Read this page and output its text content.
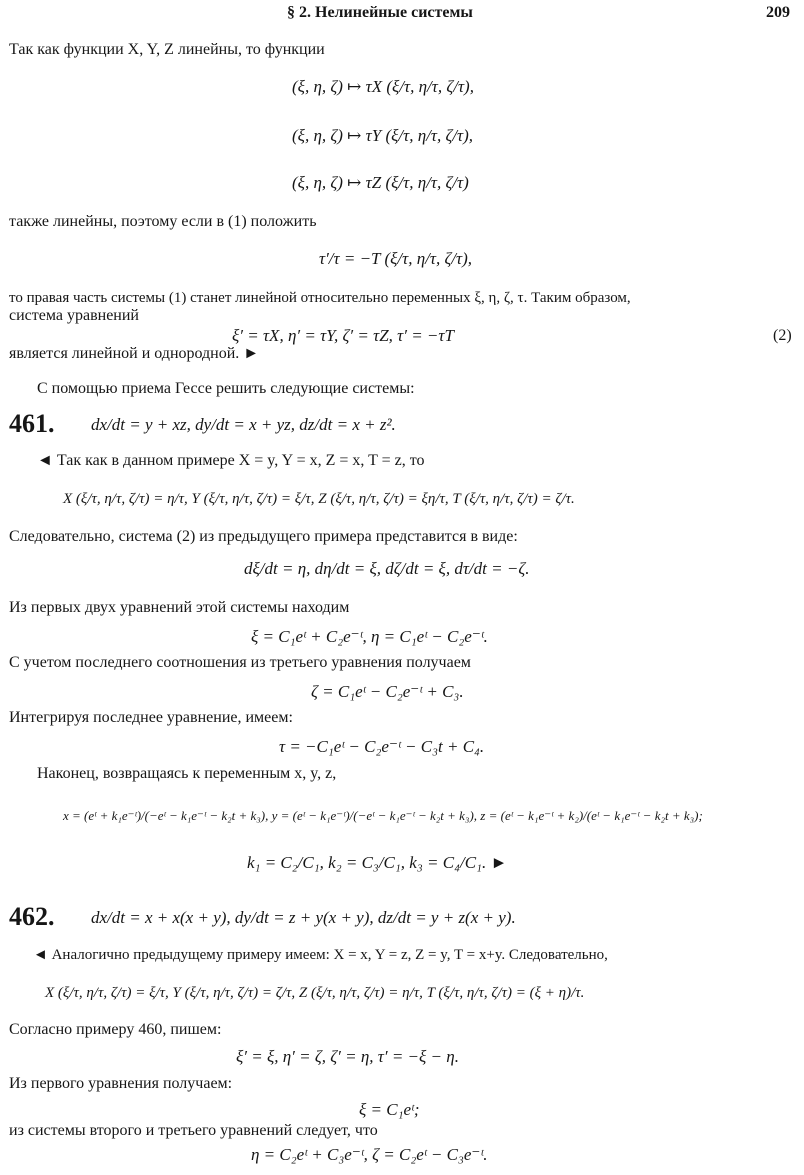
§ 2. Нелинейные системы	209
Так как функции X, Y, Z линейны, то функции
(ξ, η, ζ) ↦ τX (ξ/τ, η/τ, ζ/τ),
(ξ, η, ζ) ↦ τY (ξ/τ, η/τ, ζ/τ),
(ξ, η, ζ) ↦ τZ (ξ/τ, η/τ, ζ/τ)
также линейны, поэтому если в (1) положить
τ′/τ = −T (ξ/τ, η/τ, ζ/τ),
то правая часть системы (1) станет линейной относительно переменных ξ, η, ζ, τ. Таким образом,
система уравнений
ξ′ = τX, η′ = τY, ζ′ = τZ, τ′ = −τT	(2)
является линейной и однородной. ►
С помощью приема Гессе решить следующие системы:
461. dx/dt = y + xz, dy/dt = x + yz, dz/dt = x + z².
◄ Так как в данном примере X = y, Y = x, Z = x, T = z, то
X (ξ/τ, η/τ, ζ/τ) = η/τ, Y (ξ/τ, η/τ, ζ/τ) = ξ/τ, Z (ξ/τ, η/τ, ζ/τ) = ξη/τ, T (ξ/τ, η/τ, ζ/τ) = ζ/τ.
Следовательно, система (2) из предыдущего примера представится в виде:
dξ/dt = η, dη/dt = ξ, dζ/dt = ξ, dτ/dt = −ζ.
Из первых двух уравнений этой системы находим
ξ = C₁eᵗ + C₂e⁻ᵗ, η = C₁eᵗ − C₂e⁻ᵗ.
С учетом последнего соотношения из третьего уравнения получаем
ζ = C₁eᵗ − C₂e⁻ᵗ + C₃.
Интегрируя последнее уравнение, имеем:
τ = −C₁eᵗ − C₂e⁻ᵗ − C₃t + C₄.
Наконец, возвращаясь к переменным x, y, z,
x = (eᵗ + k₁e⁻ᵗ)/(−eᵗ − k₁e⁻ᵗ − k₂t + k₃), y = (eᵗ − k₁e⁻ᵗ)/(−eᵗ − k₁e⁻ᵗ − k₂t + k₃), z = (eᵗ − k₁e⁻ᵗ + k₂)/(eᵗ − k₁e⁻ᵗ − k₂t + k₃);
k₁ = C₂/C₁, k₂ = C₃/C₁, k₃ = C₄/C₁. ►
462. dx/dt = x + x(x + y), dy/dt = z + y(x + y), dz/dt = y + z(x + y).
◄ Аналогично предыдущему примеру имеем: X = x, Y = z, Z = y, T = x+y. Следовательно,
X (ξ/τ, η/τ, ζ/τ) = ξ/τ, Y (ξ/τ, η/τ, ζ/τ) = ζ/τ, Z (ξ/τ, η/τ, ζ/τ) = η/τ, T (ξ/τ, η/τ, ζ/τ) = (ξ + η)/τ.
Согласно примеру 460, пишем:
ξ′ = ξ, η′ = ζ, ζ′ = η, τ′ = −ξ − η.
Из первого уравнения получаем:
ξ = C₁eᵗ;
из системы второго и третьего уравнений следует, что
η = C₂eᵗ + C₃e⁻ᵗ, ζ = C₂eᵗ − C₃e⁻ᵗ.
